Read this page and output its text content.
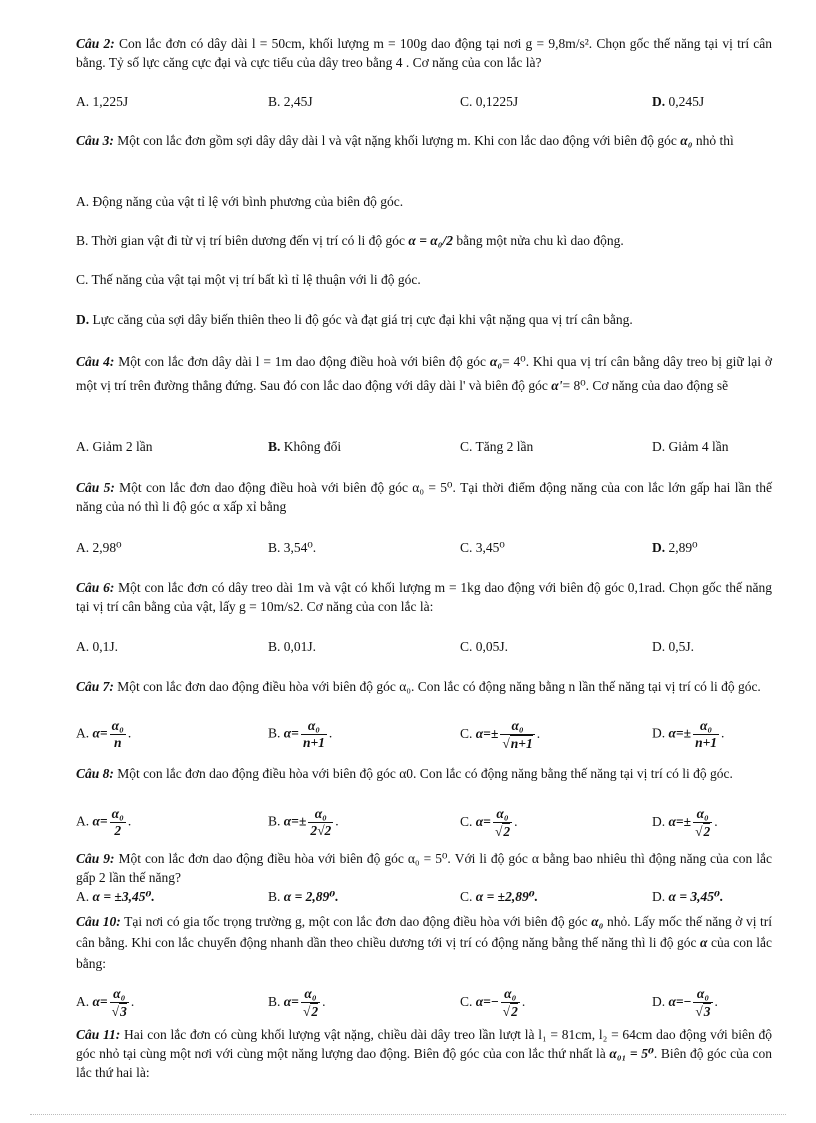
Câu 2: Con lắc đơn có dây dài l = 50cm, khối lượng m = 100g dao động tại nơi g = 9,8m/s². Chọn gốc thế năng tại vị trí cân bằng. Tỷ số lực căng cực đại và cực tiểu của dây treo bằng 4 . Cơ năng của con lắc là?
A. 1,225J	B. 2,45J	C. 0,1225J	D. 0,245J
Câu 3: Một con lắc đơn gồm sợi dây dây dài l và vật nặng khối lượng m. Khi con lắc dao động với biên độ góc α₀ nhỏ thì
A. Động năng của vật tỉ lệ với bình phương của biên độ góc.
B. Thời gian vật đi từ vị trí biên dương đến vị trí có li độ góc α = α₀/2 bằng một nửa chu kì dao động.
C. Thế năng của vật tại một vị trí bất kì tỉ lệ thuận với li độ góc.
D. Lực căng của sợi dây biến thiên theo li độ góc và đạt giá trị cực đại khi vật nặng qua vị trí cân bằng.
Câu 4: Một con lắc đơn dây dài l = 1m dao động điều hoà với biên độ góc α₀= 4⁰. Khi qua vị trí cân bằng dây treo bị giữ lại ở một vị trí trên đường thẳng đứng. Sau đó con lắc dao động với dây dài l' và biên độ góc α'= 8⁰. Cơ năng của dao động sẽ
A. Giảm 2 lần	B. Không đổi	C. Tăng 2 lần	D. Giảm 4 lần
Câu 5: Một con lắc đơn dao động điều hoà với biên độ góc α₀ = 5⁰. Tại thời điểm động năng của con lắc lớn gấp hai lần thế năng của nó thì li độ góc α xấp xỉ bằng
A. 2,98⁰	B. 3,54⁰.	C. 3,45⁰	D. 2,89⁰
Câu 6: Một con lắc đơn có dây treo dài 1m và vật có khối lượng m = 1kg dao động với biên độ góc 0,1rad. Chọn gốc thế năng tại vị trí cân bằng của vật, lấy g = 10m/s2. Cơ năng của con lắc là:
A. 0,1J.	B. 0,01J.	C. 0,05J.	D. 0,5J.
Câu 7: Một con lắc đơn dao động điều hòa với biên độ góc α₀. Con lắc có động năng bằng n lần thế năng tại vị trí có li độ góc.
A. $\alpha= \frac{\text{α₀}}{n}$ .	B. $\alpha= \frac{\text{α₀}}{n+1}$ .	C. $\alpha=\pm \frac{\text{α₀}}{√n+1}$ .	D. $\alpha=\pm \frac{\text{α₀}}{n+1}$ .
Câu 8: Một con lắc đơn dao động điều hòa với biên độ góc α0. Con lắc có động năng bằng thế năng tại vị trí có li độ góc.
A. $\alpha= \frac{\text{α₀}}{2}$ .	B. $\alpha=\pm \frac{\text{α₀}}{2√2}$ .	C. $\alpha= \frac{\text{α₀}}{√2}$ .	D. $\alpha=\pm \frac{\text{α₀}}{√2}$ .
Câu 9: Một con lắc đơn dao động điều hòa với biên độ góc α₀ = 5⁰. Với li độ góc α bằng bao nhiêu thì động năng của con lắc gấp 2 lần thế năng?
A. α = ±3,45⁰.	B. α = 2,89⁰.	C. α = ±2,89⁰.	D. α = 3,45⁰.
Câu 10: Tại nơi có gia tốc trọng trường g, một con lắc đơn dao động điều hòa với biên độ góc α₀ nhỏ. Lấy mốc thế năng ở vị trí cân bằng. Khi con lắc chuyển động nhanh dần theo chiều dương tới vị trí có động năng bằng thế năng thì li độ góc α của con lắc bằng:
A. $\alpha= \frac{\text{α₀}}{√3}$ .	B. $\alpha= \frac{\text{α₀}}{√2}$ .	C. $\alpha=- \frac{\text{α₀}}{√2}$ .	D. $\alpha=- \frac{\text{α₀}}{√3}$ .
Câu 11: Hai con lắc đơn có cùng khối lượng vật nặng, chiều dài dây treo lần lượt là l₁ = 81cm, l₂ = 64cm dao động với biên độ góc nhỏ tại cùng một nơi với cùng một năng lượng dao động. Biên độ góc của con lắc thứ nhất là α₀₁ = 5⁰. Biên độ góc của con lắc thứ hai là:
